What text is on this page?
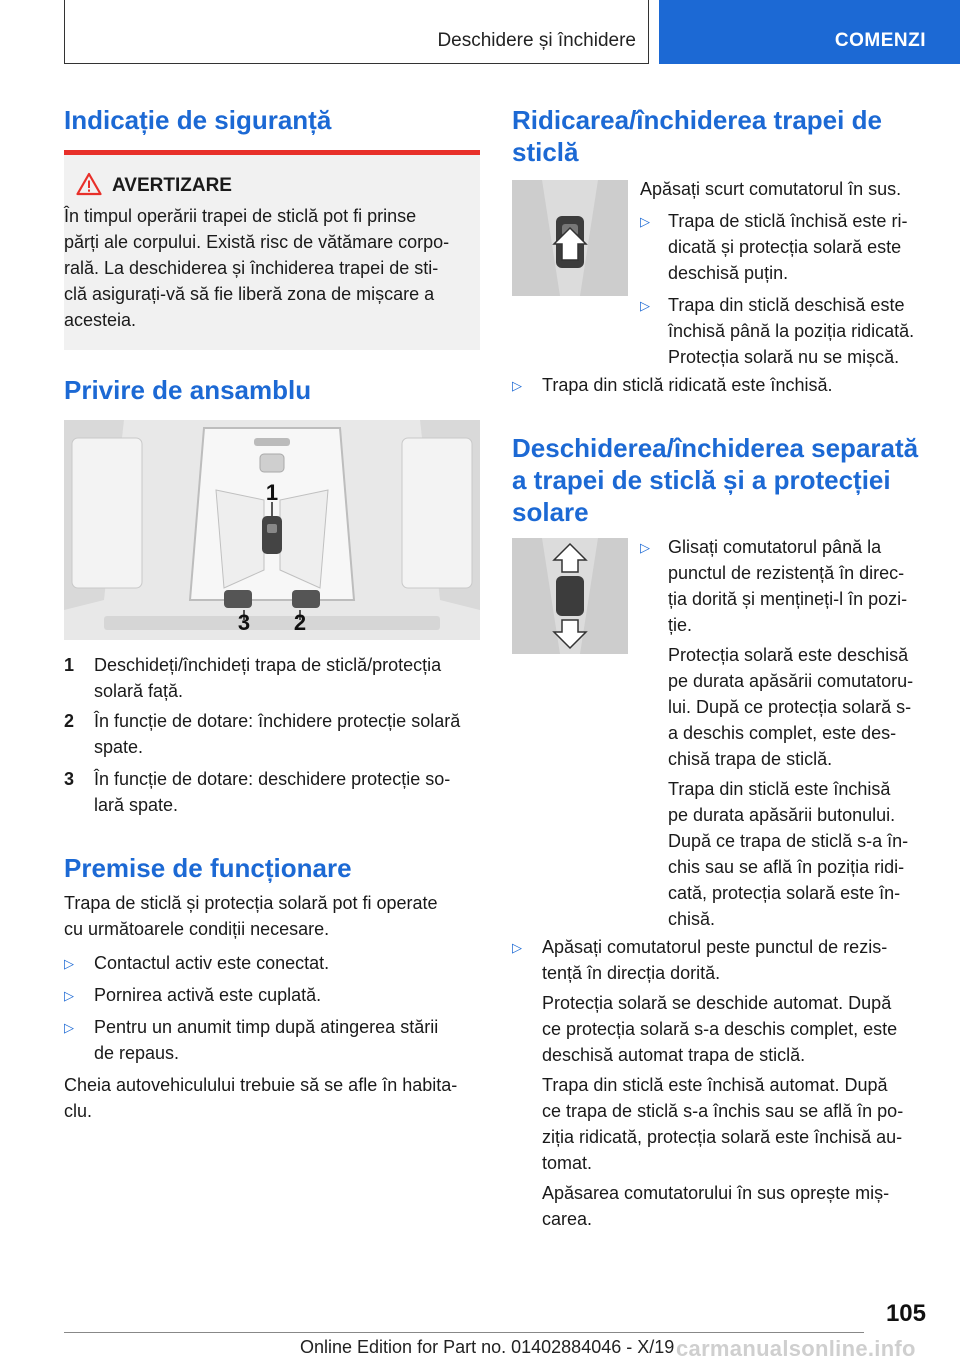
Deschidere și închidere	COMENZI
Indicație de siguranță
AVERTIZARE
În timpul operării trapei de sticlă pot fi prinse
părți ale corpului. Există risc de vătămare corpo-
rală. La deschiderea și închiderea trapei de sti-
clă asigurați-vă să fie liberă zona de mișcare a
acesteia.
Privire de ansamblu
1
2
3
1 Deschideți/închideți trapa de sticlă/protecția
solară față.
2 În funcție de dotare: închidere protecție solară
spate.
3 În funcție de dotare: deschidere protecție so-
lară spate.
Premise de funcționare
Trapa de sticlă și protecția solară pot fi operate
cu următoarele condiții necesare.
▷ Contactul activ este conectat.
▷ Pornirea activă este cuplată.
▷ Pentru un anumit timp după atingerea stării
de repaus.
Cheia autovehiculului trebuie să se afle în habita-
clu.
Ridicarea/închiderea trapei de
sticlă
Apăsați scurt comutatorul în sus.
▷ Trapa de sticlă închisă este ri-
dicată și protecția solară este
deschisă puțin.
▷ Trapa din sticlă deschisă este
închisă până la poziția ridicată.
Protecția solară nu se mișcă.
▷ Trapa din sticlă ridicată este închisă.
Deschiderea/închiderea separată
a trapei de sticlă și a protecției
solare
▷ Glisați comutatorul până la
punctul de rezistență în direc-
ția dorită și mențineți-l în pozi-
ție.
Protecția solară este deschisă
pe durata apăsării comutatoru-
lui. După ce protecția solară s-
a deschis complet, este des-
chisă trapa de sticlă.
Trapa din sticlă este închisă
pe durata apăsării butonului.
După ce trapa de sticlă s-a în-
chis sau se află în poziția ridi-
cată, protecția solară este în-
chisă.
▷ Apăsați comutatorul peste punctul de rezis-
tență în direcția dorită.
Protecția solară se deschide automat. După
ce protecția solară s-a deschis complet, este
deschisă automat trapa de sticlă.
Trapa din sticlă este închisă automat. După
ce trapa de sticlă s-a închis sau se află în po-
ziția ridicată, protecția solară este închisă au-
tomat.
Apăsarea comutatorului în sus oprește miș-
carea.
105
Online Edition for Part no. 01402884046 - X/19 carmanualsonline.info
